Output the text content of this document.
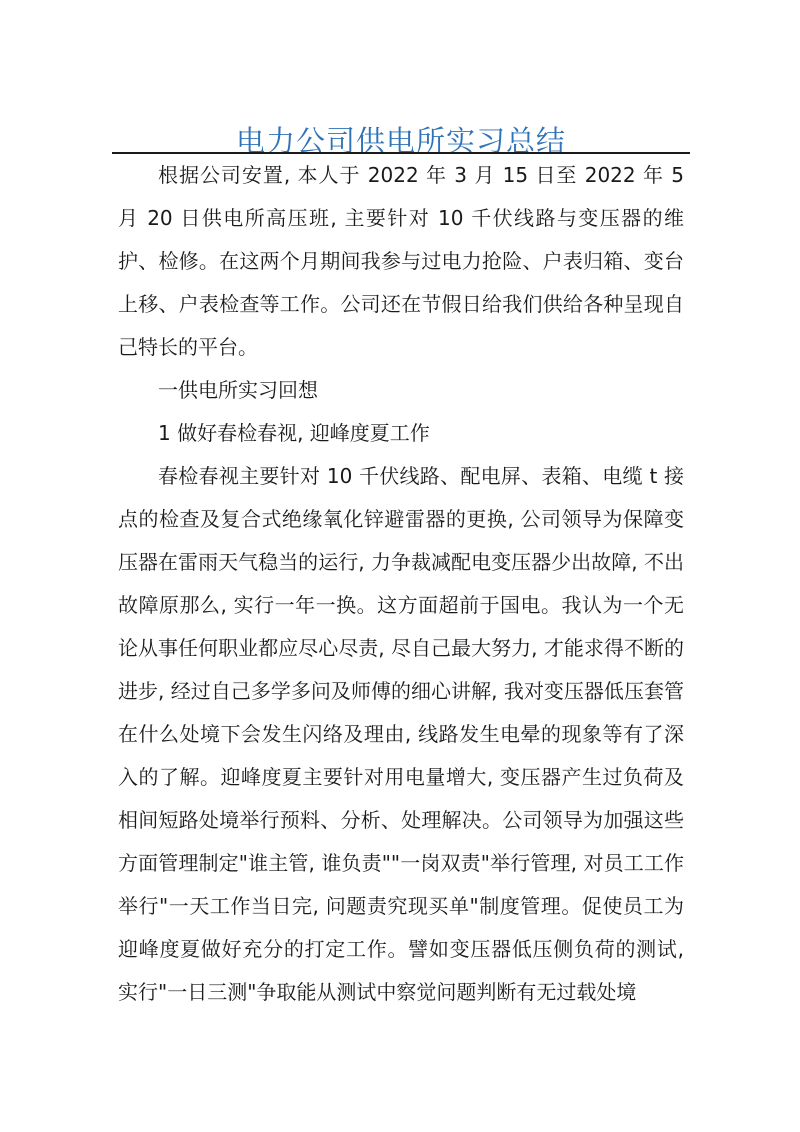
电力公司供电所实习总结

根据公司安置, 本人于 2022 年 3 月 15 日至 2022 年 5 月 20 日供电所高压班, 主要针对 10 千伏线路与变压器的维护、检修。在这两个月期间我参与过电力抢险、户表归箱、变台上移、户表检查等工作。公司还在节假日给我们供给各种呈现自己特长的平台。

一供电所实习回想

1 做好春检春视, 迎峰度夏工作

春检春视主要针对 10 千伏线路、配电屏、表箱、电缆 t 接点的检查及复合式绝缘氧化锌避雷器的更换, 公司领导为保障变压器在雷雨天气稳当的运行, 力争裁减配电变压器少出故障, 不出故障原那么, 实行一年一换。这方面超前于国电。我认为一个无论从事任何职业都应尽心尽责, 尽自己最大努力, 才能求得不断的进步, 经过自己多学多问及师傅的细心讲解, 我对变压器低压套管在什么处境下会发生闪络及理由, 线路发生电晕的现象等有了深入的了解。迎峰度夏主要针对用电量增大, 变压器产生过负荷及相间短路处境举行预料、分析、处理解决。公司领导为加强这些方面管理制定"谁主管, 谁负责""一岗双责"举行管理, 对员工工作举行"一天工作当日完, 问题责究现买单"制度管理。促使员工为迎峰度夏做好充分的打定工作。譬如变压器低压侧负荷的测试, 实行"一日三测"争取能从测试中察觉问题判断有无过载处境
